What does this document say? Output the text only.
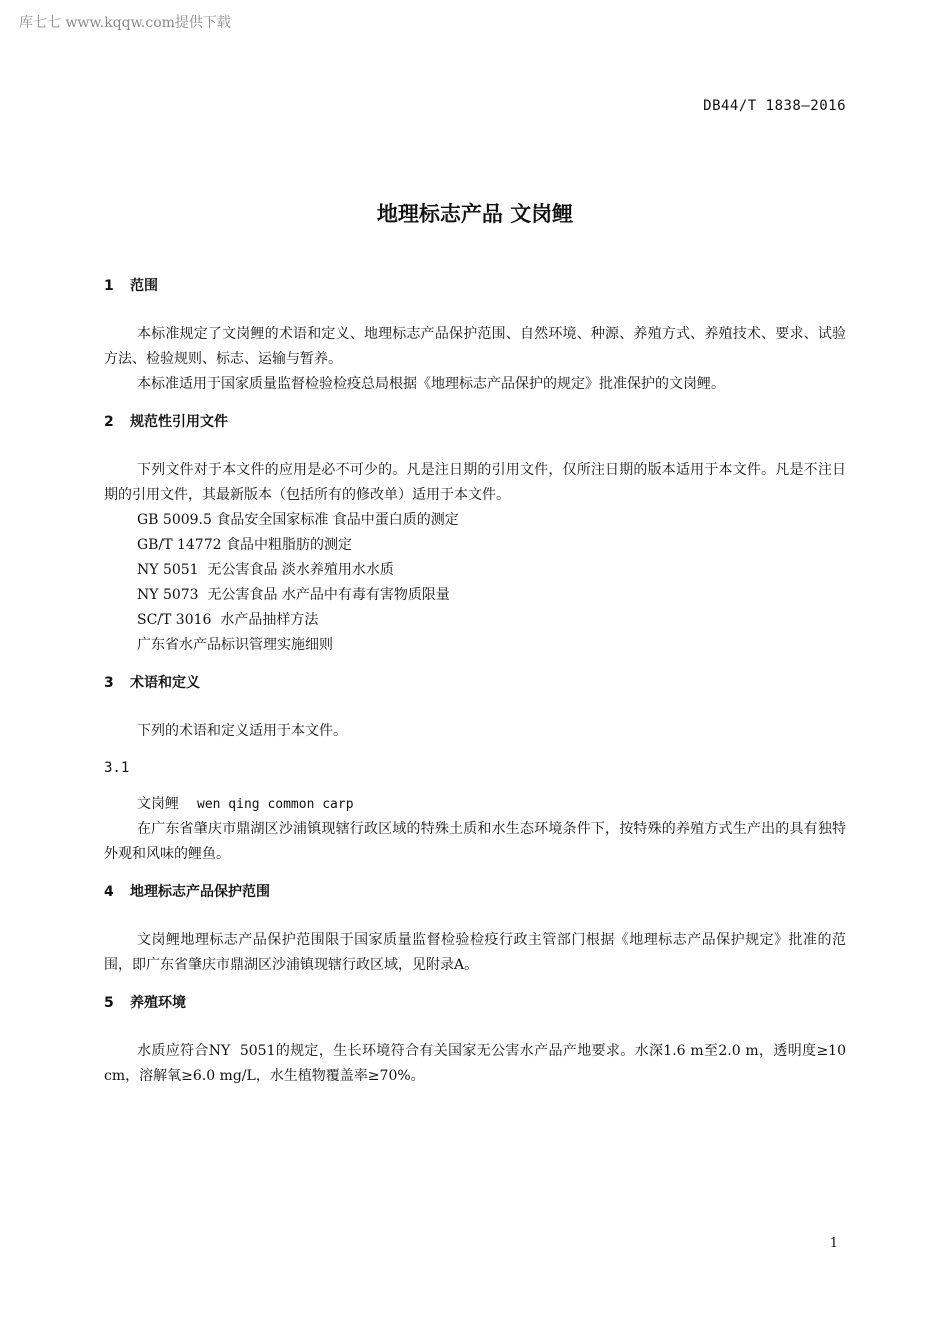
库七七 www.kqqw.com提供下载
DB44/T 1838—2016
地理标志产品 文岗鲤
1 范围

本标准规定了文岗鲤的术语和定义、地理标志产品保护范围、自然环境、种源、养殖方式、养殖技术、要求、试验方法、检验规则、标志、运输与暂养。

本标准适用于国家质量监督检验检疫总局根据《地理标志产品保护的规定》批准保护的文岗鲤。

2 规范性引用文件

下列文件对于本文件的应用是必不可少的。凡是注日期的引用文件，仅所注日期的版本适用于本文件。凡是不注日期的引用文件，其最新版本（包括所有的修改单）适用于本文件。

GB 5009.5 食品安全国家标准 食品中蛋白质的测定

GB/T 14772 食品中粗脂肪的测定

NY 5051  无公害食品 淡水养殖用水水质

NY 5073  无公害食品 水产品中有毒有害物质限量

SC/T 3016  水产品抽样方法

广东省水产品标识管理实施细则

3 术语和定义

下列的术语和定义适用于本文件。

3.1

文岗鲤 wen qing common carp

在广东省肇庆市鼎湖区沙浦镇现辖行政区域的特殊土质和水生态环境条件下，按特殊的养殖方式生产出的具有独特外观和风味的鲤鱼。

4 地理标志产品保护范围

文岗鲤地理标志产品保护范围限于国家质量监督检验检疫行政主管部门根据《地理标志产品保护规定》批准的范围，即广东省肇庆市鼎湖区沙浦镇现辖行政区域，见附录A。

5 养殖环境

水质应符合NY  5051的规定，生长环境符合有关国家无公害水产品产地要求。水深1.6 m至2.0 m，透明度≥10 cm，溶解氧≥6.0 mg/L，水生植物覆盖率≥70%。

1
